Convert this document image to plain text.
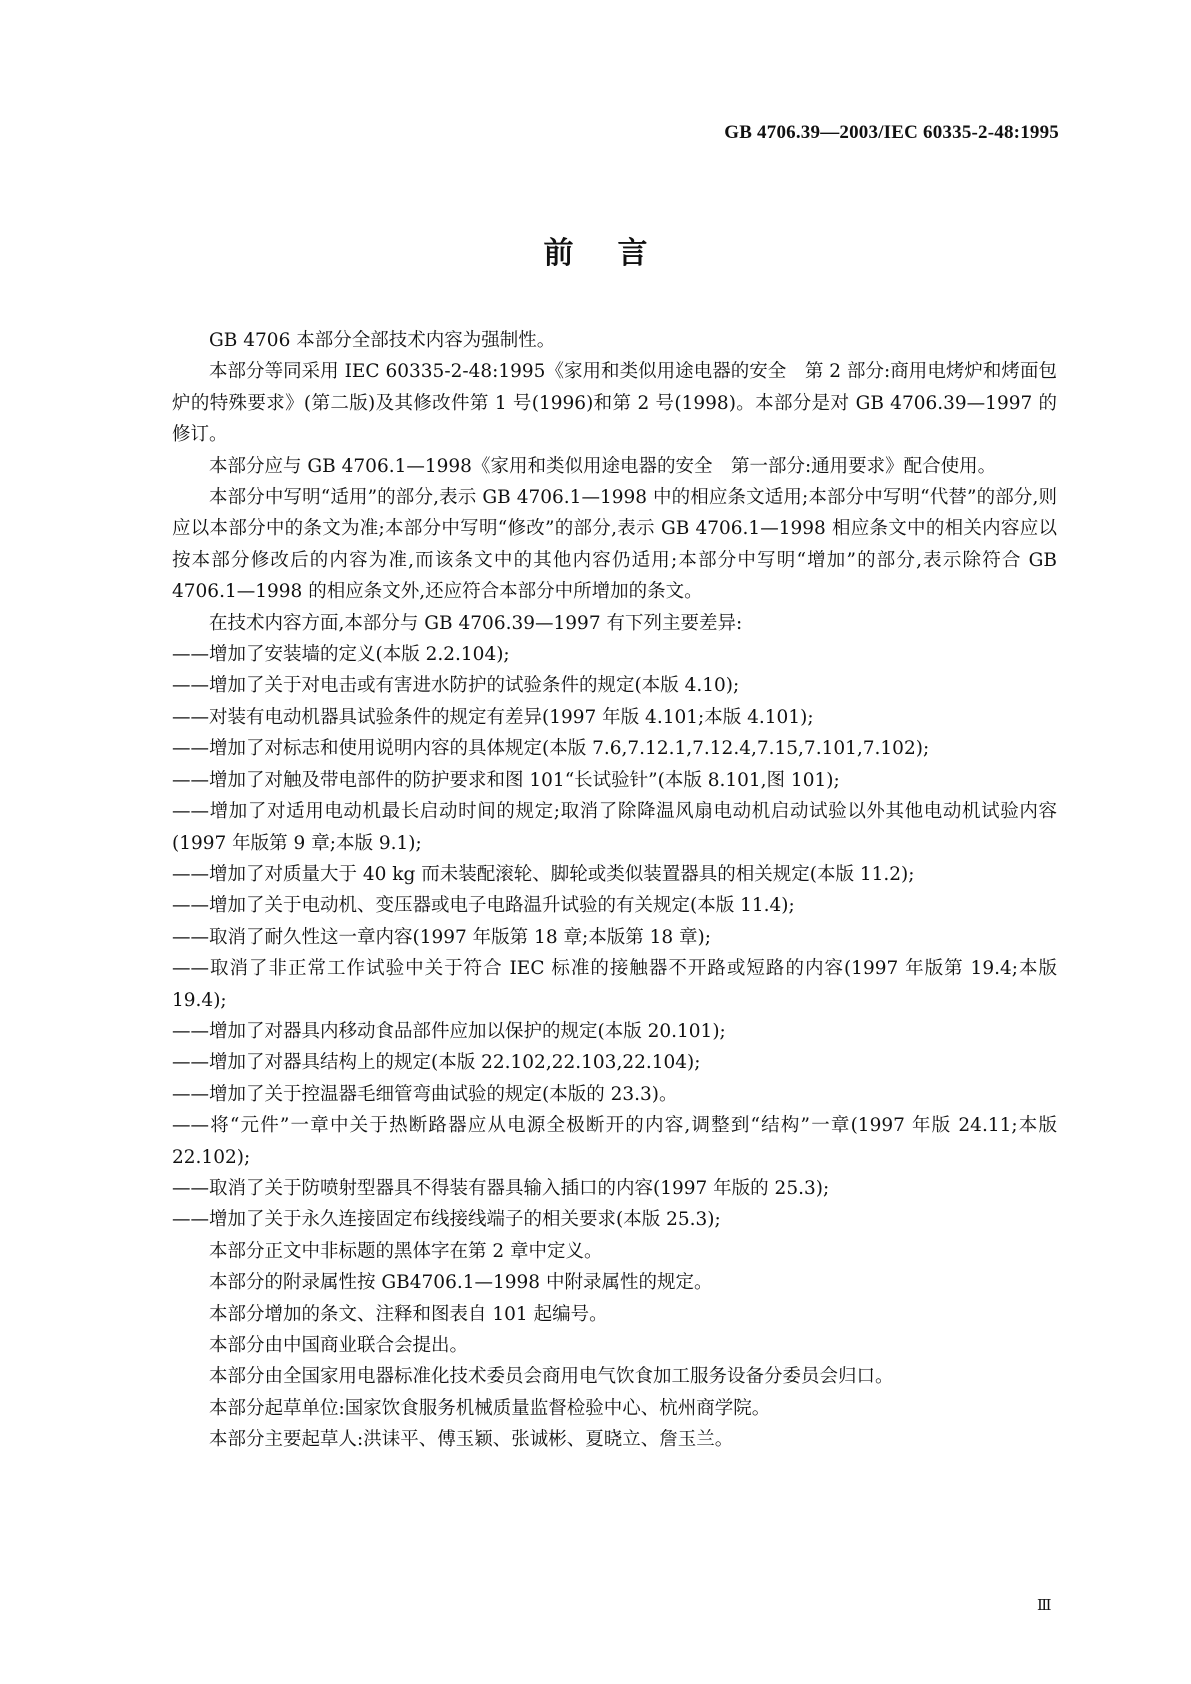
GB 4706.39—2003/IEC 60335-2-48:1995
前言

GB 4706 本部分全部技术内容为强制性。

本部分等同采用 IEC 60335-2-48:1995《家用和类似用途电器的安全　第 2 部分:商用电烤炉和烤面包炉的特殊要求》(第二版)及其修改件第 1 号(1996)和第 2 号(1998)。本部分是对 GB 4706.39—1997 的修订。

本部分应与 GB 4706.1—1998《家用和类似用途电器的安全　第一部分:通用要求》配合使用。

本部分中写明“适用”的部分,表示 GB 4706.1—1998 中的相应条文适用;本部分中写明“代替”的部分,则应以本部分中的条文为准;本部分中写明“修改”的部分,表示 GB 4706.1—1998 相应条文中的相关内容应以按本部分修改后的内容为准,而该条文中的其他内容仍适用;本部分中写明“增加”的部分,表示除符合 GB 4706.1—1998 的相应条文外,还应符合本部分中所增加的条文。

在技术内容方面,本部分与 GB 4706.39—1997 有下列主要差异:

——增加了安装墙的定义(本版 2.2.104);

——增加了关于对电击或有害进水防护的试验条件的规定(本版 4.10);

——对装有电动机器具试验条件的规定有差异(1997 年版 4.101;本版 4.101);

——增加了对标志和使用说明内容的具体规定(本版 7.6,7.12.1,7.12.4,7.15,7.101,7.102);

——增加了对触及带电部件的防护要求和图 101“长试验针”(本版 8.101,图 101);

——增加了对适用电动机最长启动时间的规定;取消了除降温风扇电动机启动试验以外其他电动机试验内容(1997 年版第 9 章;本版 9.1);

——增加了对质量大于 40 kg 而未装配滚轮、脚轮或类似装置器具的相关规定(本版 11.2);

——增加了关于电动机、变压器或电子电路温升试验的有关规定(本版 11.4);

——取消了耐久性这一章内容(1997 年版第 18 章;本版第 18 章);

——取消了非正常工作试验中关于符合 IEC 标准的接触器不开路或短路的内容(1997 年版第 19.4;本版 19.4);

——增加了对器具内移动食品部件应加以保护的规定(本版 20.101);

——增加了对器具结构上的规定(本版 22.102,22.103,22.104);

——增加了关于控温器毛细管弯曲试验的规定(本版的 23.3)。

——将“元件”一章中关于热断路器应从电源全极断开的内容,调整到“结构”一章(1997 年版 24.11;本版 22.102);

——取消了关于防喷射型器具不得装有器具输入插口的内容(1997 年版的 25.3);

——增加了关于永久连接固定布线接线端子的相关要求(本版 25.3);

本部分正文中非标题的黑体字在第 2 章中定义。

本部分的附录属性按 GB4706.1—1998 中附录属性的规定。

本部分增加的条文、注释和图表自 101 起编号。

本部分由中国商业联合会提出。

本部分由全国家用电器标准化技术委员会商用电气饮食加工服务设备分委员会归口。

本部分起草单位:国家饮食服务机械质量监督检验中心、杭州商学院。

本部分主要起草人:洪诔平、傅玉颖、张诚彬、夏晓立、詹玉兰。

Ⅲ
